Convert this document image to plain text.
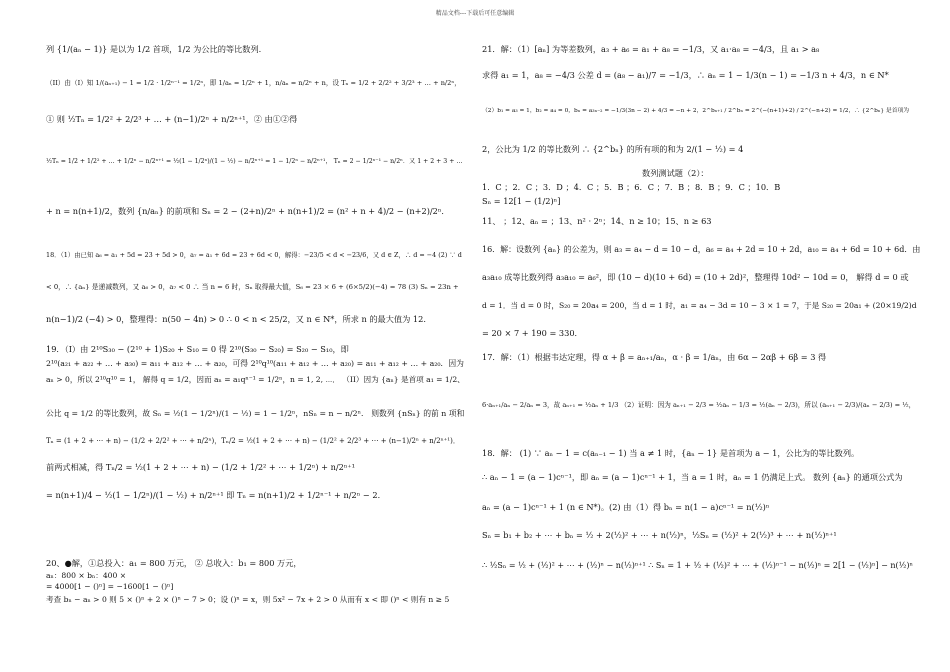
精品文档---下载后可任意编辑
列 {1/(aₙ − 1)} 是以为 1/2 首项，1/2 为公比的等比数列.
（II）由（I）知 1/(aₙ₊₁) − 1 = 1/2 · 1/2ⁿ⁻¹ = 1/2ⁿ，即 1/aₙ = 1/2ⁿ + 1，n/aₙ = n/2ⁿ + n，设 Tₙ = 1/2 + 2/2² + 3/2³ + … + n/2ⁿ，
① 则 ½Tₙ = 1/2² + 2/2³ + … + (n−1)/2ⁿ + n/2ⁿ⁺¹，② 由①②得
½Tₙ = 1/2 + 1/2² + … + 1/2ⁿ − n/2ⁿ⁺¹ = ½(1 − 1/2ⁿ)/(1 − ½) − n/2ⁿ⁺¹ = 1 − 1/2ⁿ − n/2ⁿ⁺¹， Tₙ = 2 − 1/2ⁿ⁻¹ − n/2ⁿ．又 1 + 2 + 3 + …
+ n = n(n+1)/2，数列 {n/aₙ} 的前项和 Sₙ = 2 − (2+n)/2ⁿ + n(n+1)/2 = (n² + n + 4)/2 − (n+2)/2ⁿ．
18．（1）由已知 a₆ = a₁ + 5d = 23 + 5d > 0，a₇ = a₁ + 6d = 23 + 6d < 0，解得：−23/5 < d < −23/6，又 d ∈ Z，∴ d = −4 (2) ∵ d
< 0，∴ {aₙ} 是递减数列，又 a₆ > 0，a₇ < 0 ∴ 当 n = 6 时，Sₙ 取得最大值，S₆ = 23 × 6 + (6×5/2)(−4) = 78 (3) Sₙ = 23n +
n(n−1)/2 (−4) > 0，整理得：n(50 − 4n) > 0 ∴ 0 < n < 25/2，又 n ∈ N*，所求 n 的最大值为 12.
19．（I）由 2¹⁰S₃₀ − (2¹⁰ + 1)S₂₀ + S₁₀ = 0 得 2¹⁰(S₃₀ − S₂₀) = S₂₀ − S₁₀，即
2¹⁰(a₂₁ + a₂₂ + … + a₃₀) = a₁₁ + a₁₂ + … + a₂₀，可得 2¹⁰q¹⁰(a₁₁ + a₁₂ + … + a₂₀) = a₁₁ + a₁₂ + … + a₂₀．因为
aₙ > 0，所以 2¹⁰q¹⁰ = 1， 解得 q = 1/2，因而 aₙ = a₁qⁿ⁻¹ = 1/2ⁿ，n = 1, 2, ⋯． （II）因为 {aₙ} 是首项 a₁ = 1/2、
公比 q = 1/2 的等比数列，故 Sₙ = ½(1 − 1/2ⁿ)/(1 − ½) = 1 − 1/2ⁿ，nSₙ = n − n/2ⁿ． 则数列 {nSₙ} 的前 n 项和
Tₙ = (1 + 2 + ⋯ + n) − (1/2 + 2/2² + ⋯ + n/2ⁿ)，Tₙ/2 = ½(1 + 2 + ⋯ + n) − (1/2² + 2/2³ + ⋯ + (n−1)/2ⁿ + n/2ⁿ⁺¹)．
前两式相减，得 Tₙ/2 = ½(1 + 2 + ⋯ + n) − (1/2 + 1/2² + ⋯ + 1/2ⁿ) + n/2ⁿ⁺¹
= n(n+1)/4 − ½(1 − 1/2ⁿ)/(1 − ½) + n/2ⁿ⁺¹ 即 Tₙ = n(n+1)/2 + 1/2ⁿ⁻¹ + n/2ⁿ − 2．
20、●解，①总投入：a₁ = 800 万元， ② 总收入：b₁ = 800 万元，
aₙ：800 × bₙ：400 ×
= 4000[1 − ()ⁿ] = −1600[1 − ()ⁿ]
考查 bₙ − aₙ > 0 则 5 × ()ⁿ + 2 × ()ⁿ − 7 > 0；设 ()ⁿ = x，则 5x² − 7x + 2 > 0 从而有 x < 即 ()ⁿ < 则有 n ≥ 5
21．解：（1）[aₙ] 为等差数列，a₃ + a₆ = a₁ + a₈ = −1/3，又 a₁·a₈ = −4/3，且 a₁ > a₈
求得 a₁ = 1，a₈ = −4/3 公差 d = (a₈ − a₁)/7 = −1/3，∴ aₙ = 1 − 1/3(n − 1) = −1/3 n + 4/3，n ∈ N*
（2）b₁ = a₃ = 1，b₂ = a₄ = 0，bₙ = a₃ₙ₋₂ = −1/3(3n − 2) + 4/3 = −n + 2，2^bₙ₊₁ / 2^bₙ = 2^(−(n+1)+2) / 2^(−n+2) = 1/2，∴ {2^bₙ} 是首项为
2，公比为 1/2 的等比数列 ∴ {2^bₙ} 的所有项的和为 2/(1 − ½) = 4
数列测试题（2）：
1．C ；2．C ；3．D ；4．C ；5．B ；6．C ；7．B ；8．B ；9．C ；10．B
Sₙ = 12[1 − (1/2)ⁿ]
11、 ；12、aₙ = ；13、n² · 2ⁿ；14、n ≥ 10；15、n ≥ 63
16．解：设数列 {aₙ} 的公差为，则 a₃ = a₄ − d = 10 − d，a₆ = a₄ + 2d = 10 + 2d，a₁₀ = a₄ + 6d = 10 + 6d．由
a₃a₁₀ 成等比数列得 a₃a₁₀ = a₆²，即 (10 − d)(10 + 6d) = (10 + 2d)²，整理得 10d² − 10d = 0， 解得 d = 0 或
d = 1．当 d = 0 时，S₂₀ = 20a₄ = 200，当 d = 1 时，a₁ = a₄ − 3d = 10 − 3 × 1 = 7，于是 S₂₀ = 20a₁ + (20×19/2)d
= 20 × 7 + 190 = 330．
17．解：（1）根据韦达定理，得 α + β = aₙ₊₁/aₙ，α · β = 1/aₙ，由 6α − 2αβ + 6β = 3 得
6·aₙ₊₁/aₙ − 2/aₙ = 3，故 aₙ₊₁ = ½aₙ + 1/3 （2）证明：因为 aₙ₊₁ − 2/3 = ½aₙ − 1/3 = ½(aₙ − 2/3)，所以 (aₙ₊₁ − 2/3)/(aₙ − 2/3) = ½，
18．解： (1) ∵ aₙ − 1 = c(aₙ₋₁ − 1) 当 a ≠ 1 时，{aₙ − 1} 是首项为 a − 1，公比为的等比数列。
∴ aₙ − 1 = (a − 1)cⁿ⁻¹，即 aₙ = (a − 1)cⁿ⁻¹ + 1，当 a = 1 时，aₙ = 1 仍满足上式。 数列 {aₙ} 的通项公式为
aₙ = (a − 1)cⁿ⁻¹ + 1 (n ∈ N*)。(2) 由（1）得 bₙ = n(1 − a)cⁿ⁻¹ = n(½)ⁿ
Sₙ = b₁ + b₂ + ⋯ + bₙ = ½ + 2(½)² + ⋯ + n(½)ⁿ，½Sₙ = (½)² + 2(½)³ + ⋯ + n(½)ⁿ⁺¹
∴ ½Sₙ = ½ + (½)² + ⋯ + (½)ⁿ − n(½)ⁿ⁺¹ ∴ Sₙ = 1 + ½ + (½)² + ⋯ + (½)ⁿ⁻¹ − n(½)ⁿ = 2[1 − (½)ⁿ] − n(½)ⁿ
